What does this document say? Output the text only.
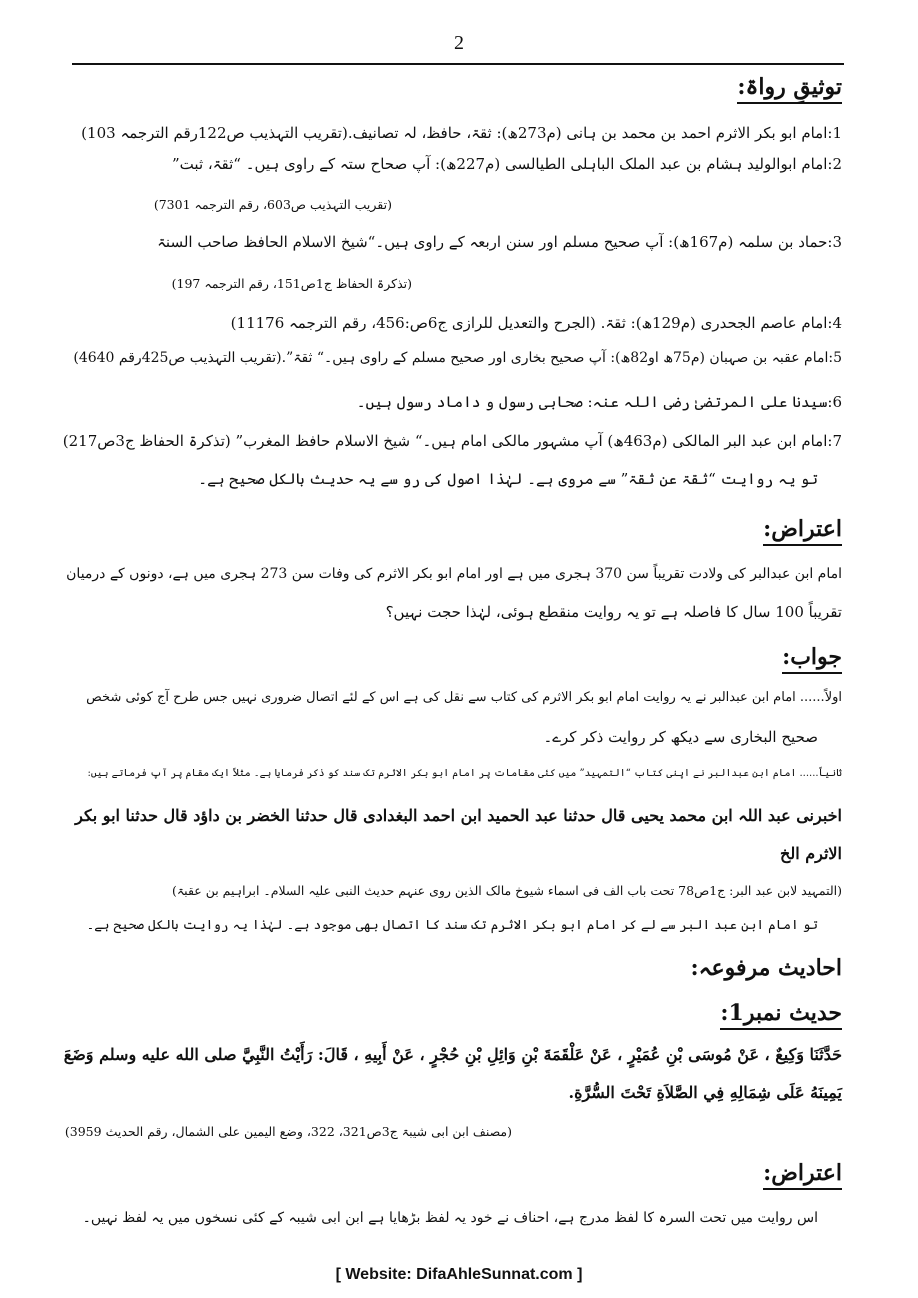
2
توثیقِ رواۃ:
1:امام ابو بکر الاثرم احمد بن محمد بن ہانی (م273ھ): ثقۃ، حافظ، لہ تصانیف.(تقریب التہذیب ص122رقم الترجمہ 103)
2:امام ابوالولید ہشام بن عبد الملک الباہلی الطیالسی (م227ھ): آپ صحاح ستہ کے راوی ہیں۔ “ثقۃ، ثبت”
(تقریب التہذیب ص603، رقم الترجمہ 7301)
3:حماد بن سلمہ (م167ھ): آپ صحیح مسلم اور سنن اربعہ کے راوی ہیں۔“شیخ الاسلام الحافظ صاحب السنۃ
(تذکرۃ الحفاظ ج1ص151، رقم الترجمہ 197)
4:امام عاصم الجحدری (م129ھ): ثقۃ. (الجرح والتعدیل للرازی ج6ص:456، رقم الترجمہ 11176)
5:امام عقبہ بن صہبان (م75ھ او82ھ): آپ صحیح بخاری اور صحیح مسلم کے راوی ہیں۔“ ثقۃ”.(تقریب التہذیب ص425رقم 4640)
6:سیدنا علی المرتضیٰ رضی اللہ عنہ: صحابی رسول و داماد رسول ہیں۔
7:امام ابن عبد البر المالکی (م463ھ) آپ مشہور مالکی امام ہیں۔“ شیخ الاسلام حافظ المغرب” (تذکرۃ الحفاظ ج3ص217)
تو یہ روایت “ثقۃ عن ثقۃ” سے مروی ہے۔ لہٰذا اصول کی رو سے یہ حدیث بالکل صحیح ہے۔
اعتراض:
امام ابن عبدالبر کی ولادت تقریباً سن 370 ہجری میں ہے اور امام ابو بکر الاثرم کی وفات سن 273 ہجری میں ہے، دونوں کے درمیان
تقریباً 100 سال کا فاصلہ ہے تو یہ روایت منقطع ہوئی، لہٰذا حجت نہیں؟
جواب:
اولاً...... امام ابن عبدالبر نے یہ روایت امام ابو بکر الاثرم کی کتاب سے نقل کی ہے اس کے لئے اتصال ضروری نہیں جس طرح آج کوئی شخص
صحیح البخاری سے دیکھ کر روایت ذکر کرے۔
ثانیاً...... امام ابن عبدالبر نے اپنی کتاب “التمہید” میں کئی مقامات پر امام ابو بکر الاثرم تک سند کو ذکر فرمایا ہے۔ مثلاً ایک مقام پر آپ فرماتے ہیں:
اخبرنی عبد اللہ ابن محمد یحیی قال حدثنا عبد الحمید ابن احمد البغدادی قال حدثنا الخضر بن داؤد قال حدثنا ابو بکر
الاثرم الخ
(التمہید لابن عبد البر: ج1ص78 تحت باب الف فی اسماء شیوخ مالک الذین روی عنہم حدیث النبی علیہ السلام۔ ابراہیم بن عقبۃ)
تو امام ابن عبد البر سے لے کر امام ابو بکر الاثرم تک سند کا اتصال بھی موجود ہے۔ لہٰذا یہ روایت بالکل صحیح ہے۔
احادیث مرفوعہ:
حدیث نمبر1:
حَدَّثَنَا وَکِیعٌ ، عَنْ مُوسَى بْنِ عُمَيْرٍ ، عَنْ عَلْقَمَةَ بْنِ وَائِلِ بْنِ حُجْرٍ ، عَنْ أَبِيهِ ، قَالَ: رَأَيْتُ النَّبِيَّ صلى الله عليه وسلم وَضَعَ
يَمِينَهُ عَلَى شِمَالِهِ فِي الصَّلاَةِ تَحْتَ السُّرَّةِ.
(مصنف ابن ابی شیبۃ ج3ص321، 322، وضع الیمین علی الشمال، رقم الحدیث 3959)
اعتراض:
اس روایت میں تحت السرہ کا لفظ مدرج ہے، احناف نے خود یہ لفظ بڑھایا ہے ابن ابی شیبہ کے کئی نسخوں میں یہ لفظ نہیں۔
[ Website: DifaAhleSunnat.com ]
